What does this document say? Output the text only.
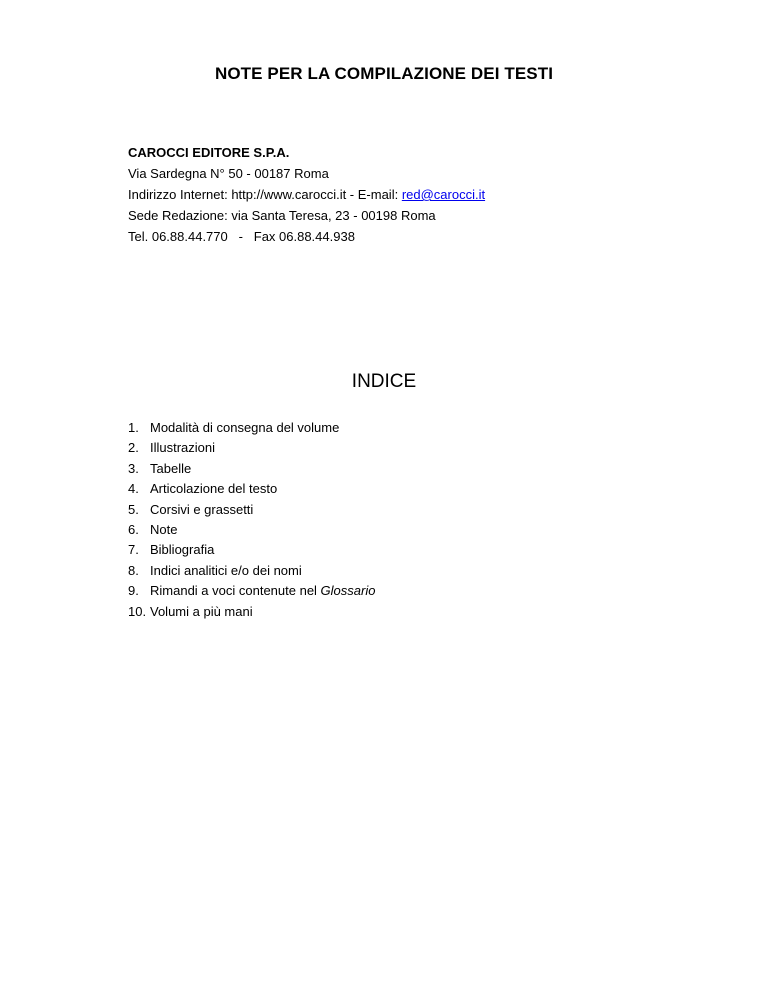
NOTE PER LA COMPILAZIONE DEI TESTI
CAROCCI EDITORE S.P.A.
Via Sardegna N° 50 - 00187 Roma
Indirizzo Internet: http://www.carocci.it - E-mail: red@carocci.it
Sede Redazione: via Santa Teresa, 23 - 00198 Roma
Tel. 06.88.44.770   -   Fax 06.88.44.938
INDICE
1. Modalità di consegna del volume
2. Illustrazioni
3. Tabelle
4. Articolazione del testo
5. Corsivi e grassetti
6. Note
7. Bibliografia
8. Indici analitici e/o dei nomi
9. Rimandi a voci contenute nel Glossario
10. Volumi a più mani
